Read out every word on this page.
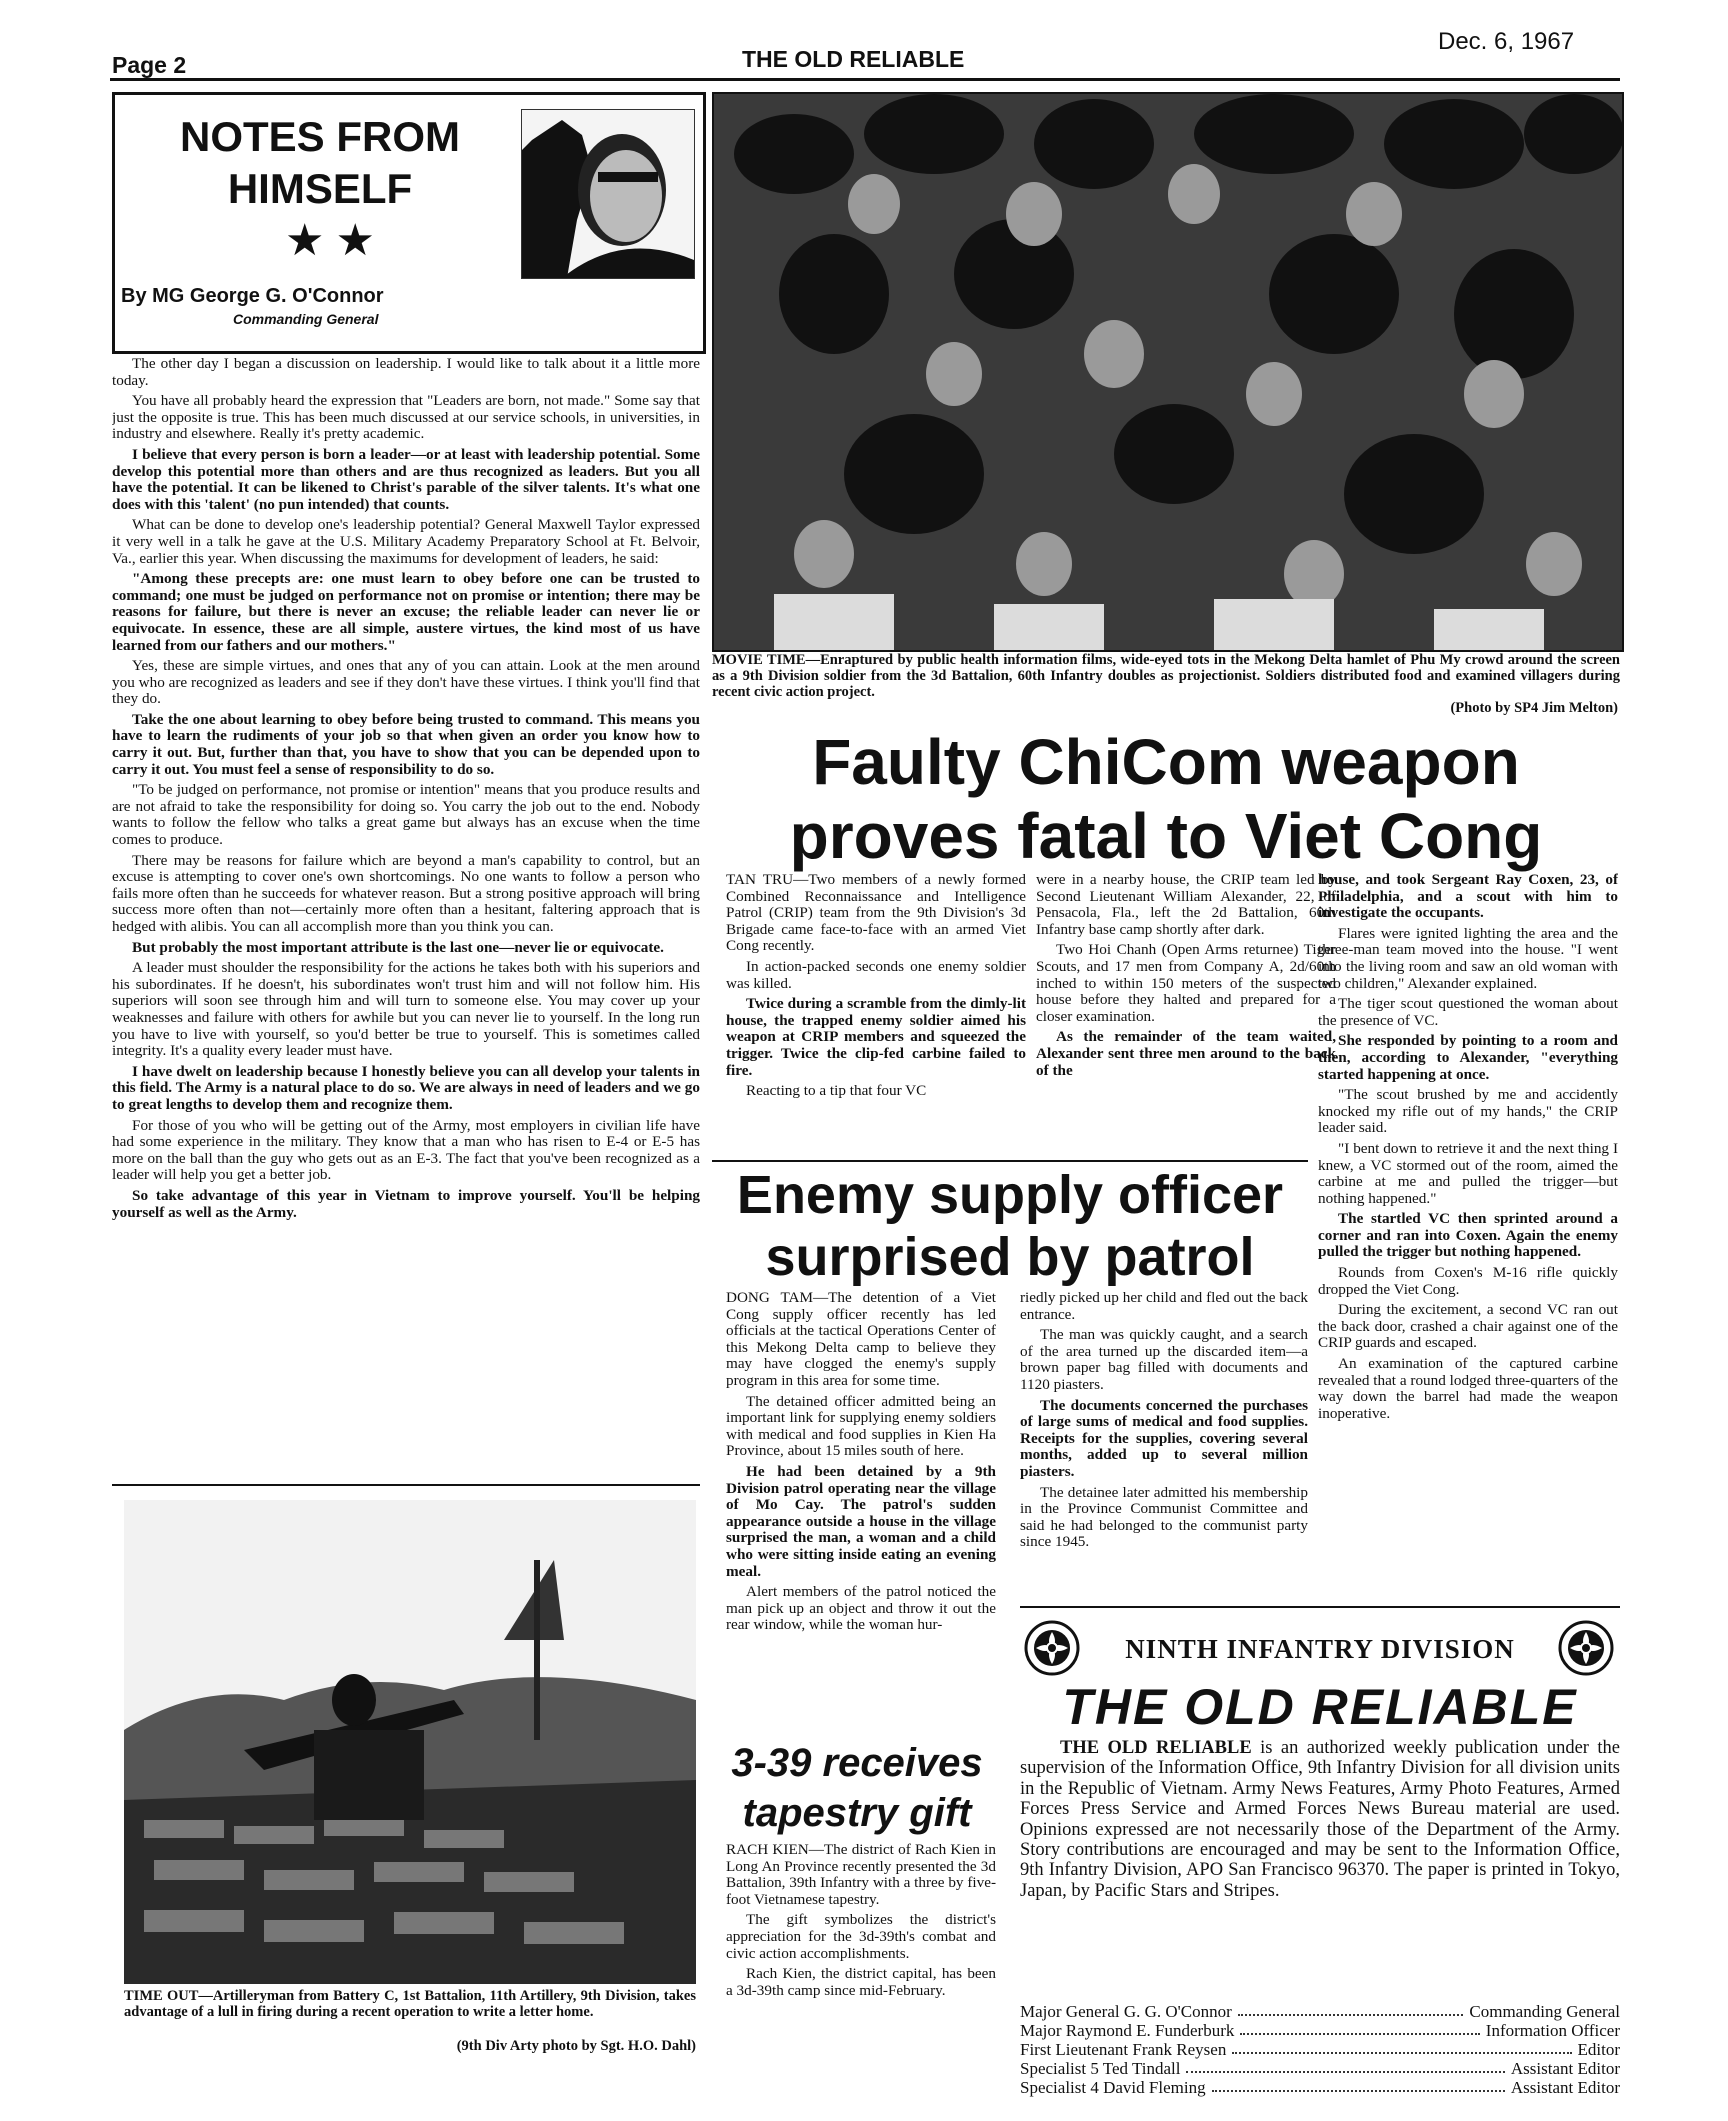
Page 2	THE OLD RELIABLE
Dec. 6, 1967
NOTES FROM
HIMSELF
★ ★
By MG George G. O'Connor
Commanding General

The other day I began a discussion on leadership. I would like to talk about it a little more today.

You have all probably heard the expression that "Leaders are born, not made." Some say that just the opposite is true. This has been much discussed at our service schools, in universities, in industry and elsewhere. Really it's pretty academic.

I believe that every person is born a leader—or at least with leadership potential. Some develop this potential more than others and are thus recognized as leaders. But you all have the potential. It can be likened to Christ's parable of the silver talents. It's what one does with this 'talent' (no pun intended) that counts.

What can be done to develop one's leadership potential? General Maxwell Taylor expressed it very well in a talk he gave at the U.S. Military Academy Preparatory School at Ft. Belvoir, Va., earlier this year. When discussing the maximums for development of leaders, he said:

"Among these precepts are: one must learn to obey before one can be trusted to command; one must be judged on performance not on promise or intention; there may be reasons for failure, but there is never an excuse; the reliable leader can never lie or equivocate. In essence, these are all simple, austere virtues, the kind most of us have learned from our fathers and our mothers."

Yes, these are simple virtues, and ones that any of you can attain. Look at the men around you who are recognized as leaders and see if they don't have these virtues. I think you'll find that they do.

Take the one about learning to obey before being trusted to command. This means you have to learn the rudiments of your job so that when given an order you know how to carry it out. But, further than that, you have to show that you can be depended upon to carry it out. You must feel a sense of responsibility to do so.

"To be judged on performance, not promise or intention" means that you produce results and are not afraid to take the responsibility for doing so. You carry the job out to the end. Nobody wants to follow the fellow who talks a great game but always has an excuse when the time comes to produce.

There may be reasons for failure which are beyond a man's capability to control, but an excuse is attempting to cover one's own shortcomings. No one wants to follow a person who fails more often than he succeeds for whatever reason. But a strong positive approach will bring success more often than not—certainly more often than a hesitant, faltering approach that is hedged with alibis. You can all accomplish more than you think you can.

But probably the most important attribute is the last one—never lie or equivocate.

A leader must shoulder the responsibility for the actions he takes both with his superiors and his subordinates. If he doesn't, his subordinates won't trust him and will not follow him. His superiors will soon see through him and will turn to someone else. You may cover up your weaknesses and failure with others for awhile but you can never lie to yourself. In the long run you have to live with yourself, so you'd better be true to yourself. This is sometimes called integrity. It's a quality every leader must have.

I have dwelt on leadership because I honestly believe you can all develop your talents in this field. The Army is a natural place to do so. We are always in need of leaders and we go to great lengths to develop them and recognize them.

For those of you who will be getting out of the Army, most employers in civilian life have had some experience in the military. They know that a man who has risen to E-4 or E-5 has more on the ball than the guy who gets out as an E-3. The fact that you've been recognized as a leader will help you get a better job.

So take advantage of this year in Vietnam to improve yourself. You'll be helping yourself as well as the Army.

TIME OUT—Artilleryman from Battery C, 1st Battalion, 11th Artillery, 9th Division, takes advantage of a lull in firing during a recent operation to write a letter home.
(9th Div Arty photo by Sgt. H.O. Dahl)
MOVIE TIME—Enraptured by public health information films, wide-eyed tots in the Mekong Delta hamlet of Phu My crowd around the screen as a 9th Division soldier from the 3d Battalion, 60th Infantry doubles as projectionist. Soldiers distributed food and examined villagers during recent civic action project.
(Photo by SP4 Jim Melton)
Faulty ChiCom weapon
proves fatal to Viet Cong

TAN TRU—Two members of a newly formed Combined Reconnaissance and Intelligence Patrol (CRIP) team from the 9th Division's 3d Brigade came face-to-face with an armed Viet Cong recently.

In action-packed seconds one enemy soldier was killed.

Twice during a scramble from the dimly-lit house, the trapped enemy soldier aimed his weapon at CRIP members and squeezed the trigger. Twice the clip-fed carbine failed to fire.

Reacting to a tip that four VC

were in a nearby house, the CRIP team led by Second Lieutenant William Alexander, 22, of Pensacola, Fla., left the 2d Battalion, 60th Infantry base camp shortly after dark.

Two Hoi Chanh (Open Arms returnee) Tiger Scouts, and 17 men from Company A, 2d/60th inched to within 150 meters of the suspected house before they halted and prepared for a closer examination.

As the remainder of the team waited, Alexander sent three men around to the back of the

house, and took Sergeant Ray Coxen, 23, of Philadelphia, and a scout with him to investigate the occupants.

Flares were ignited lighting the area and the three-man team moved into the house. "I went into the living room and saw an old woman with two children," Alexander explained.

The tiger scout questioned the woman about the presence of VC.

She responded by pointing to a room and then, according to Alexander, "everything started happening at once.

"The scout brushed by me and accidently knocked my rifle out of my hands," the CRIP leader said.

"I bent down to retrieve it and the next thing I knew, a VC stormed out of the room, aimed the carbine at me and pulled the trigger—but nothing happened."

The startled VC then sprinted around a corner and ran into Coxen. Again the enemy pulled the trigger but nothing happened.

Rounds from Coxen's M-16 rifle quickly dropped the Viet Cong.

During the excitement, a second VC ran out the back door, crashed a chair against one of the CRIP guards and escaped.

An examination of the captured carbine revealed that a round lodged three-quarters of the way down the barrel had made the weapon inoperative.

Enemy supply officer
surprised by patrol

DONG TAM—The detention of a Viet Cong supply officer recently has led officials at the tactical Operations Center of this Mekong Delta camp to believe they may have clogged the enemy's supply program in this area for some time.

The detained officer admitted being an important link for supplying enemy soldiers with medical and food supplies in Kien Ha Province, about 15 miles south of here.

He had been detained by a 9th Division patrol operating near the village of Mo Cay. The patrol's sudden appearance outside a house in the village surprised the man, a woman and a child who were sitting inside eating an evening meal.

Alert members of the patrol noticed the man pick up an object and throw it out the rear window, while the woman hur-

riedly picked up her child and fled out the back entrance.

The man was quickly caught, and a search of the area turned up the discarded item—a brown paper bag filled with documents and 1120 piasters.

The documents concerned the purchases of large sums of medical and food supplies. Receipts for the supplies, covering several months, added up to several million piasters.

The detainee later admitted his membership in the Province Communist Committee and said he had belonged to the communist party since 1945.

3-39 receives
tapestry gift

RACH KIEN—The district of Rach Kien in Long An Province recently presented the 3d Battalion, 39th Infantry with a three by five-foot Vietnamese tapestry.

The gift symbolizes the district's appreciation for the 3d-39th's combat and civic action accomplishments.

Rach Kien, the district capital, has been a 3d-39th camp since mid-February.

NINTH INFANTRY DIVISION
THE OLD RELIABLE
THE OLD RELIABLE is an authorized weekly publication under the supervision of the Information Office, 9th Infantry Division for all division units in the Republic of Vietnam. Army News Features, Army Photo Features, Armed Forces Press Service and Armed Forces News Bureau material are used. Opinions expressed are not necessarily those of the Department of the Army. Story contributions are encouraged and may be sent to the Information Office, 9th Infantry Division, APO San Francisco 96370. The paper is printed in Tokyo, Japan, by Pacific Stars and Stripes.
Major General G. G. O'Connor	Commanding General
Major Raymond E. Funderburk	Information Officer
First Lieutenant Frank Reysen	Editor
Specialist 5 Ted Tindall	Assistant Editor
Specialist 4 David Fleming	Assistant Editor
